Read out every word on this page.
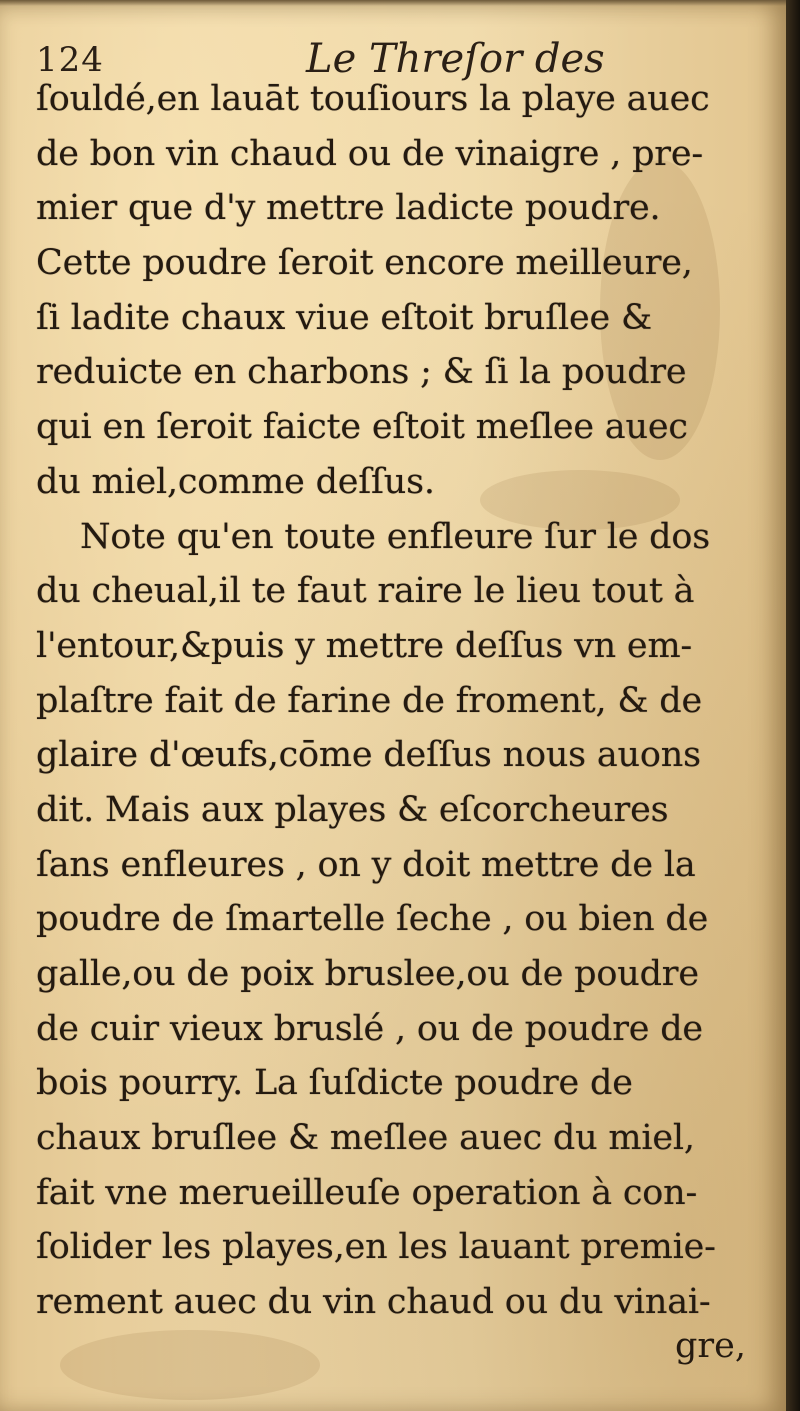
124	Le Threſor des
ſouldé,en lauāt touſiours la playe auec
de bon vin chaud ou de vinaigre , pre-
mier que d'y mettre ladicte poudre.
Cette poudre ſeroit encore meilleure,
ſi ladite chaux viue eſtoit bruſlee &
reduicte en charbons ; & ſi la poudre
qui en ſeroit faicte eſtoit meſlee auec
du miel,comme deſſus.
Note qu'en toute enfleure ſur le dos
du cheual,il te faut raire le lieu tout à
l'entour,&puis y mettre deſſus vn em-
plaſtre fait de farine de froment, & de
glaire d'œufs,cōme deſſus nous auons
dit. Mais aux playes & eſcorcheures
ſans enfleures , on y doit mettre de la
poudre de ſmartelle ſeche , ou bien de
galle,ou de poix bruslee,ou de poudre
de cuir vieux bruslé , ou de poudre de
bois pourry. La ſuſdicte poudre de
chaux bruſlee & meſlee auec du miel,
fait vne merueilleuſe operation à con-
ſolider les playes,en les lauant premie-
rement auec du vin chaud ou du vinai-
gre,
